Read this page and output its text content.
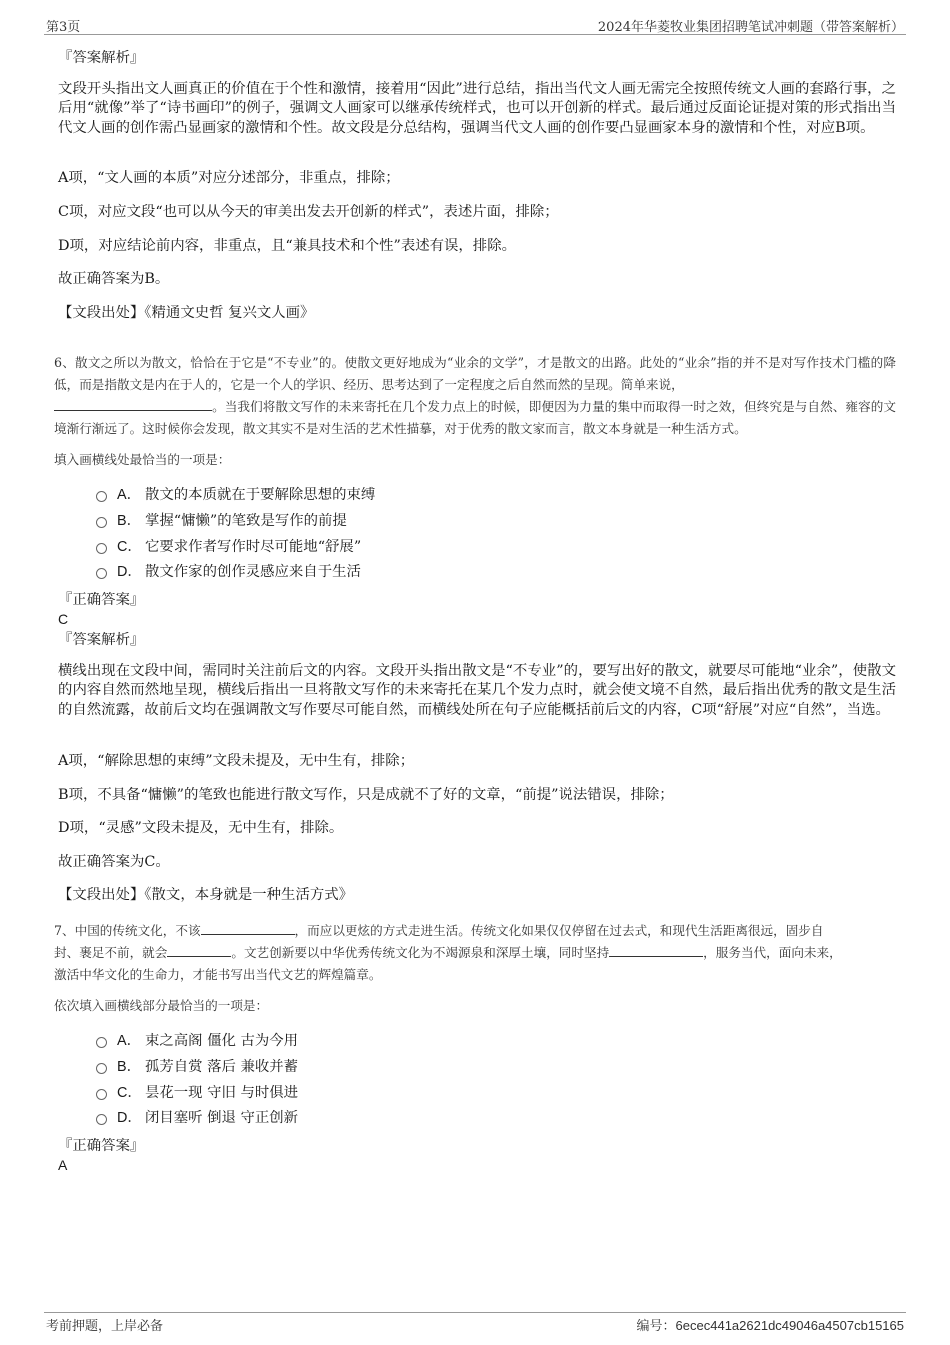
第3页	2024年华菱牧业集团招聘笔试冲刺题（带答案解析）
『答案解析』

文段开头指出文人画真正的价值在于个性和激情，接着用“因此”进行总结，指出当代文人画无需完全按照传统文人画的套路行事，之后用“就像”举了“诗书画印”的例子，强调文人画家可以继承传统样式，也可以开创新的样式。最后通过反面论证提对策的形式指出当代文人画的创作需凸显画家的激情和个性。故文段是分总结构，强调当代文人画的创作要凸显画家本身的激情和个性，对应B项。

A项，“文人画的本质”对应分述部分，非重点，排除；
C项，对应文段“也可以从今天的审美出发去开创新的样式”，表述片面，排除；
D项，对应结论前内容，非重点，且“兼具技术和个性”表述有误，排除。
故正确答案为B。
【文段出处】《精通文史哲 复兴文人画》

6、散文之所以为散文，恰恰在于它是“不专业”的。使散文更好地成为“业余的文学”，才是散文的出路。此处的“业余”指的并不是对写作技术门槛的降低，而是指散文是内在于人的，它是一个人的学识、经历、思考达到了一定程度之后自然而然的呈现。简单来说，
。当我们将散文写作的未来寄托在几个发力点上的时候，即便因为力量的集中而取得一时之效，但终究是与自然、雍容的文境渐行渐远了。这时候你会发现，散文其实不是对生活的艺术性描摹，对于优秀的散文家而言，散文本身就是一种生活方式。

填入画横线处最恰当的一项是：
A． 散文的本质就在于要解除思想的束缚
B． 掌握“慵懒”的笔致是写作的前提
C． 它要求作者写作时尽可能地“舒展”
D． 散文作家的创作灵感应来自于生活
『正确答案』
C
『答案解析』

横线出现在文段中间，需同时关注前后文的内容。文段开头指出散文是“不专业”的，要写出好的散文，就要尽可能地“业余”，使散文的内容自然而然地呈现，横线后指出一旦将散文写作的未来寄托在某几个发力点时，就会使文境不自然，最后指出优秀的散文是生活的自然流露，故前后文均在强调散文写作要尽可能自然，而横线处所在句子应能概括前后文的内容，C项“舒展”对应“自然”，当选。

A项，“解除思想的束缚”文段未提及，无中生有，排除；
B项，不具备“慵懒”的笔致也能进行散文写作，只是成就不了好的文章，“前提”说法错误，排除；
D项，“灵感”文段未提及，无中生有，排除。
故正确答案为C。
【文段出处】《散文，本身就是一种生活方式》

7、中国的传统文化，不该	，而应以更炫的方式走进生活。传统文化如果仅仅停留在过去式，和现代生活距离很远，固步自
封、裹足不前，就会	。文艺创新要以中华优秀传统文化为不竭源泉和深厚土壤，同时坚持	，服务当代，面向未来，
激活中华文化的生命力，才能书写出当代文艺的辉煌篇章。

依次填入画横线部分最恰当的一项是：
A． 束之高阁 僵化 古为今用
B． 孤芳自赏 落后 兼收并蓄
C． 昙花一现 守旧 与时俱进
D． 闭目塞听 倒退 守正创新
『正确答案』
A
考前押题，上岸必备	编号：6ecec441a2621dc49046a4507cb15165
